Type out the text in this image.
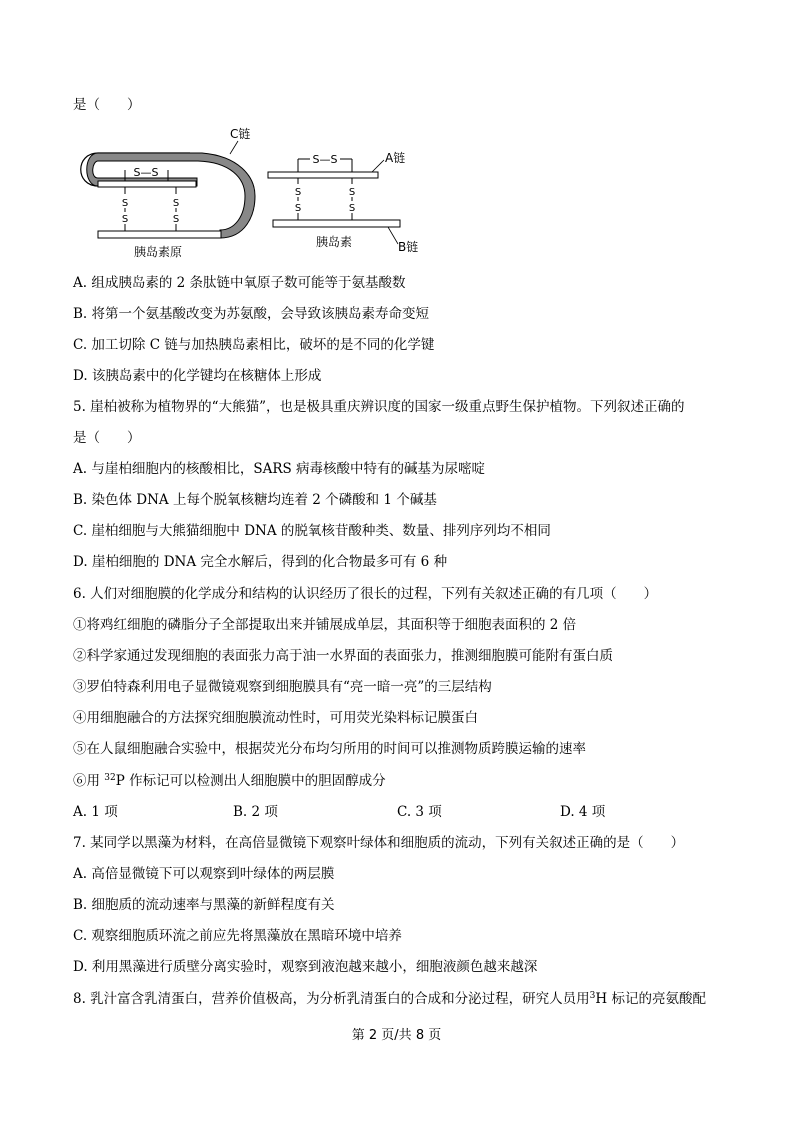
是（　　）
S—S
S
S
S
S
C链
胰岛素原
S—S
S
S
S
S
A链
B链
胰岛素
A. 组成胰岛素的 2 条肽链中氧原子数可能等于氨基酸数
B. 将第一个氨基酸改变为苏氨酸，会导致该胰岛素寿命变短
C. 加工切除 C 链与加热胰岛素相比，破坏的是不同的化学键
D. 该胰岛素中的化学键均在核糖体上形成
5. 崖柏被称为植物界的“大熊猫”，也是极具重庆辨识度的国家一级重点野生保护植物。下列叙述正确的
是（　　）
A. 与崖柏细胞内的核酸相比，SARS 病毒核酸中特有的碱基为尿嘧啶
B. 染色体 DNA 上每个脱氧核糖均连着 2 个磷酸和 1 个碱基
C. 崖柏细胞与大熊猫细胞中 DNA 的脱氧核苷酸种类、数量、排列序列均不相同
D. 崖柏细胞的 DNA 完全水解后，得到的化合物最多可有 6 种
6. 人们对细胞膜的化学成分和结构的认识经历了很长的过程，下列有关叙述正确的有几项（　　）
①将鸡红细胞的磷脂分子全部提取出来并铺展成单层，其面积等于细胞表面积的 2 倍
②科学家通过发现细胞的表面张力高于油一水界面的表面张力，推测细胞膜可能附有蛋白质
③罗伯特森利用电子显微镜观察到细胞膜具有“亮一暗一亮”的三层结构
④用细胞融合的方法探究细胞膜流动性时，可用荧光染料标记膜蛋白
⑤在人鼠细胞融合实验中，根据荧光分布均匀所用的时间可以推测物质跨膜运输的速率
⑥用 $^{32}$P 作标记可以检测出人细胞膜中的胆固醇成分
A. 1 项	B. 2 项	C. 3 项	D. 4 项
7. 某同学以黑藻为材料，在高倍显微镜下观察叶绿体和细胞质的流动，下列有关叙述正确的是（　　）
A. 高倍显微镜下可以观察到叶绿体的两层膜
B. 细胞质的流动速率与黑藻的新鲜程度有关
C. 观察细胞质环流之前应先将黑藻放在黑暗环境中培养
D. 利用黑藻进行质壁分离实验时，观察到液泡越来越小，细胞液颜色越来越深
8. 乳汁富含乳清蛋白，营养价值极高，为分析乳清蛋白的合成和分泌过程，研究人员用$^3$H 标记的亮氨酸配
第 2 页/共 8 页
